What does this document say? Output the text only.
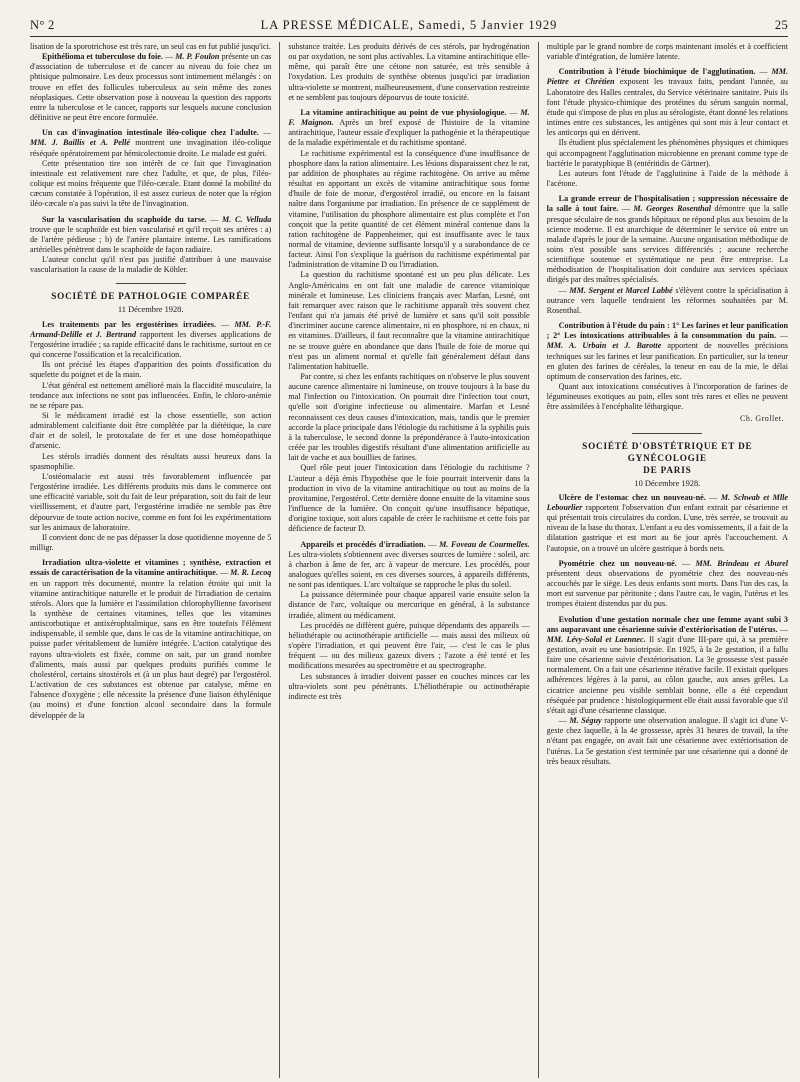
N° 2	LA PRESSE MÉDICALE, Samedi, 5 Janvier 1929	25

lisation de la sporotrichose est très rare, un seul cas en fut publié jusqu'ici.

Epithélioma et tuberculose du foie. — M. P. Foulon présente un cas d'association de tuberculose et de cancer au niveau du foie chez un phtisique pulmonaire. Les deux processus sont intimement mélangés : on trouve en effet des follicules tuberculeux au sein même des zones néoplasiques. Cette observation pose à nouveau la question des rapports entre la tuberculose et le cancer, rapports sur lesquels aucune conclusion définitive ne peut être encore formulée.

Un cas d'invagination intestinale iléo-colique chez l'adulte. — MM. J. Baillis et A. Pellé montrent une invagination iléo-colique réséquée opératoirement par hémicolectomie droite. Le malade est guéri.

Cette présentation tire son intérêt de ce fait que l'invagination intestinale est relativement rare chez l'adulte, et que, de plus, l'iléo-colique est moins fréquente que l'iléo-cæcale. Etant donné la mobilité du cæcum constatée à l'opération, il est assez curieux de noter que la région iléo-cæcale n'a pas suivi la tête de l'invagination.

Sur la vascularisation du scaphoïde du tarse. — M. C. Velluda trouve que le scaphoïde est bien vascularisé et qu'il reçoit ses artères : a) de l'artère pédieuse ; b) de l'artère plantaire interne. Les ramifications artérielles pénètrent dans le scaphoïde de façon radiaire.

L'auteur conclut qu'il n'est pas justifié d'attribuer à une mauvaise vascularisation la cause de la maladie de Köhler.

SOCIÉTÉ DE PATHOLOGIE COMPARÉE
11 Décembre 1928.

Les traitements par les ergostérines irradiées. — MM. P.-F. Armand-Delille et J. Bertrand rapportent les diverses applications de l'ergostérine irradiée ; sa rapide efficacité dans le rachitisme, surtout en ce qui concerne l'ossification et la recalcification.

Ils ont précisé les étapes d'apparition des points d'ossification du squelette du poignet et de la main.

L'état général est nettement amélioré mais la flaccidité musculaire, la tendance aux infections ne sont pas influencées. Enfin, le chloro-anémie ne se répare pas.

Si le médicament irradié est la chose essentielle, son action admirablement calcifiante doit être complétée par la diététique, la cure d'air et de soleil, le protoxalate de fer et une dose homéopathique d'arsenic.

Les stérols irradiés donnent des résultats aussi heureux dans la spasmophilie.

L'ostéomalacie est aussi très favorablement influencée par l'ergostérine irradiée. Les différents produits mis dans le commerce ont une efficacité variable, soit du fait de leur préparation, soit du fait de leur vieillissement, et d'autre part, l'ergostérine irradiée ne semble pas être dépourvue de toute action nocive, comme en font foi les expérimentations sur les animaux de laboratoire.

Il convient donc de ne pas dépasser la dose quotidienne moyenne de 5 milligr.

Irradiation ultra-violette et vitamines ; synthèse, extraction et essais de caractérisation de la vitamine antirachitique. — M. R. Lecoq en un rapport très documenté, montre la relation étroite qui unit la vitamine antirachitique naturelle et le produit de l'irradiation de certains stérols. Alors que la lumière et l'assimilation chlorophyllienne favorisent la synthèse de certaines vitamines, telles que les vitamines antiscorbutique et antixérophtalmique, sans en être toutefois l'élément indispensable, il semble que, dans le cas de la vitamine antirachitique, on puisse parler véritablement de lumière intégrée. L'action catalytique des rayons ultra-violets est fixée, comme on sait, par un grand nombre d'aliments, mais aussi par quelques produits purifiés comme le cholestérol, certains sitostérols et (à un plus haut degré) par l'ergostérol. L'activation de ces substances est obtenue par catalyse, même en l'absence d'oxygène ; elle nécessite la présence d'une liaison éthylénique (au moins) et d'une fonction alcool secondaire dans la formule développée de la

substance traitée. Les produits dérivés de ces stérols, par hydrogénation ou par oxydation, ne sont plus activables. La vitamine antirachitique elle-même, qui paraît être une cétone non saturée, est très sensible à l'oxydation. Les produits de synthèse obtenus jusqu'ici par irradiation ultra-violette se montrent, malheureusement, d'une conservation restreinte et ne semblent pas toujours dépourvus de toute toxicité.

La vitamine antirachitique au point de vue physiologique. — M. F. Maignon. Après un bref exposé de l'histoire de la vitamine antirachitique, l'auteur essaie d'expliquer la pathogénie et la thérapeutique de la maladie expérimentale et du rachitisme spontané.

Le rachitisme expérimental est la conséquence d'une insuffisance de phosphore dans la ration alimentaire. Les lésions disparaissent chez le rat, par addition de phosphates au régime rachitogène. On arrive au même résultat en apportant un excès de vitamine antirachitique sous forme d'huile de foie de morue, d'ergostérol irradié, ou encore en la faisant naître dans l'organisme par irradiation. En présence de ce supplément de vitamine, l'utilisation du phosphore alimentaire est plus complète et l'on conçoit que la petite quantité de cet élément minéral contenue dans la ration rachitogène de Pappenheimer, qui est insuffisante avec le taux normal de vitamine, devienne suffisante lorsqu'il y a surabondance de ce facteur. Ainsi l'on s'explique la guérison du rachitisme expérimental par l'administration de vitamine D ou l'irradiation.

La question du rachitisme spontané est un peu plus délicate. Les Anglo-Américains en ont fait une maladie de carence vitaminique minérale et lumineuse. Les cliniciens français avec Marfan, Lesné, ont fait remarquer avec raison que le rachitisme apparaît très souvent chez l'enfant qui n'a jamais été privé de lumière et sans qu'il soit possible d'incriminer aucune carence alimentaire, ni en phosphore, ni en chaux, ni en vitamines. D'ailleurs, il faut reconnaître que la vitamine antirachitique ne se trouve guère en abondance que dans l'huile de foie de morue qui n'est pas un aliment normal et qu'elle fait généralement défaut dans l'alimentation habituelle.

Par contre, si chez les enfants rachitiques on n'observe le plus souvent aucune carence alimentaire ni lumineuse, on trouve toujours à la base du mal l'infection ou l'intoxication. On pourrait dire l'infection tout court, qu'elle soit d'origine infectieuse ou alimentaire. Marfan et Lesné reconnaissent ces deux causes d'intoxication, mais, tandis que le premier accorde la place principale dans l'étiologie du rachitisme à la syphilis puis à la tuberculose, le second donne la prépondérance à l'auto-intoxication créée par les troubles digestifs résultant d'une alimentation artificielle au lait de vache et aux bouillies de farines.

Quel rôle peut jouer l'intoxication dans l'étiologie du rachitisme ? L'auteur a déjà émis l'hypothèse que le foie pourrait intervenir dans la production in vivo de la vitamine antirachitique ou tout au moins de la provitamine, l'ergostérol. Cette dernière donne ensuite de la vitamine sous l'influence de la lumière. On conçoit qu'une insuffisance hépatique, d'origine toxique, soit alors capable de créer le rachitisme et cette fois par déficience de facteur D.

Appareils et procédés d'irradiation. — M. Foveau de Courmelles. Les ultra-violets s'obtiennent avec diverses sources de lumière : soleil, arc à charbon à âme de fer, arc à vapeur de mercure. Les procédés, pour analogues qu'elles soient, en ces diverses sources, à appareils différents, ne sont pas identiques. L'arc voltaïque se rapproche le plus du soleil.

La puissance déterminée pour chaque appareil varie ensuite selon la distance de l'arc, voltaïque ou mercurique en général, à la substance irradiée, aliment ou médicament.

Les procédés ne diffèrent guère, puisque dépendants des appareils — héliothérapie ou actinothérapie artificielle — mais aussi des milieux où s'opère l'irradiation, et qui peuvent être l'air, — c'est le cas le plus fréquent — ou des milieux gazeux divers ; l'azote a été tenté et les modifications mesurées au spectromètre et au spectrographe.

Les substances à irradier doivent passer en couches minces car les ultra-violets sont peu pénétrants. L'héliothérapie ou actinothérapie indirecte est très

multiple par le grand nombre de corps maintenant insolés et à coefficient variable d'intégration, de lumière latente.

Contribution à l'étude biochimique de l'agglutination. — MM. Piettre et Chrétien exposent les travaux faits, pendant l'année, au Laboratoire des Halles centrales, du Service vétérinaire sanitaire. Puis ils font l'étude physico-chimique des protéines du sérum sanguin normal, étude qui s'impose de plus en plus au sérologiste, étant donné les relations intimes entre ces substances, les antigènes qui sont mis à leur contact et les anticorps qui en dérivent.

Ils étudient plus spécialement les phénomènes physiques et chimiques qui accompagnent l'agglutination microbienne en prenant comme type de bactérie le paratyphique B (entéritidis de Gärtner).

Les auteurs font l'étude de l'agglutinine à l'aide de la méthode à l'acétone.

La grande erreur de l'hospitalisation ; suppression nécessaire de la salle à tout faire. — M. Georges Rosenthal démontre que la salle presque séculaire de nos grands hôpitaux ne répond plus aux besoins de la science moderne. Il est anarchique de déterminer le service où entre un malade d'après le jour de la semaine. Aucune organisation méthodique de soins n'est possible sans services différenciés ; aucune recherche scientifique soutenue et systématique ne peut être entreprise. La méthodisation de l'hospitalisation doit conduire aux services spéciaux dirigés par des maîtres spécialisés.

— MM. Sergent et Marcel Labbé s'élèvent contre la spécialisation à outrance vers laquelle tendraient les réformes souhaitées par M. Rosenthal.

Contribution à l'étude du pain : 1° Les farines et leur panification ; 2° Les intoxications attribuables à la consommation du pain. — MM. A. Urbain et J. Barotte apportent de nouvelles précisions techniques sur les farines et leur panification. En particulier, sur la teneur en gluten des farines de céréales, la teneur en eau de la mie, le délai optimum de conservation des farines, etc.

Quant aux intoxications consécutives à l'incorporation de farines de légumineuses exotiques au pain, elles sont très rares et elles ne peuvent être assimilées à l'encéphalite léthargique.

Ch. Grollet.
SOCIÉTÉ D'OBSTÉTRIQUE ET DE GYNÉCOLOGIE
DE PARIS
10 Décembre 1928.

Ulcère de l'estomac chez un nouveau-né. — M. Schwab et Mlle Lebourlier rapportent l'observation d'un enfant extrait par césarienne et qui présentait trois circulaires du cordon. L'une, très serrée, se trouvait au niveau de la base du thorax. L'enfant a eu des vomissements, il a fait de la dilatation gastrique et est mort au 6e jour après l'accouchement. A l'autopsie, on a trouvé un ulcère gastrique à bords nets.

Pyométrie chez un nouveau-né. — MM. Brindeau et Aburel présentent deux observations de pyométrie chez des nouveau-nés accouchés par le siège. Les deux enfants sont morts. Dans l'un des cas, la mort est survenue par péritonite ; dans l'autre cas, le vagin, l'utérus et les trompes étaient distendus par du pus.

Evolution d'une gestation normale chez une femme ayant subi 3 ans auparavant une césarienne suivie d'extériorisation de l'utérus. — MM. Lévy-Solal et Laennec. Il s'agit d'une III-pare qui, à sa première gestation, avait eu une basiotripsie. En 1925, à la 2e gestation, il a fallu faire une césarienne suivie d'extériorisation. La 3e grossesse s'est passée normalement. On a fait une césarienne itérative facile. Il existait quelques adhérences légères à la paroi, au côlon gauche, aux anses grêles. La cicatrice ancienne peu visible semblait bonne, elle a été cependant réséquée par prudence : histologiquement elle était aussi favorable que s'il s'était agi d'une césarienne classique.

— M. Séguy rapporte une observation analogue. Il s'agit ici d'une V-geste chez laquelle, à la 4e grossesse, après 31 heures de travail, la tête n'étant pas engagée, on avait fait une césarienne avec extériorisation de l'utérus. La 5e gestation s'est terminée par une césarienne qui a donné de très beaux résultats.
